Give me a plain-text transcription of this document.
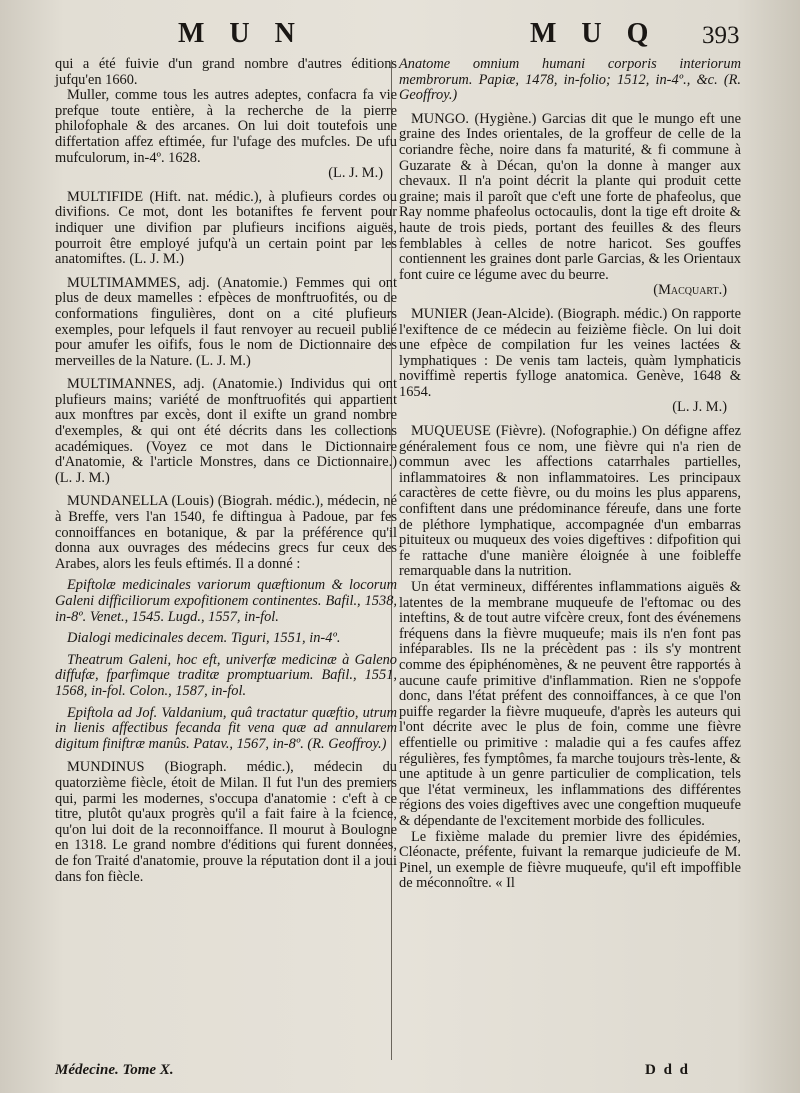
M U N	M U Q 393

qui a été fuivie d'un grand nombre d'autres éditions jufqu'en 1660.

Muller, comme tous les autres adeptes, confacra fa vie prefque toute entière, à la recherche de la pierre philofophale & des arcanes. On lui doit toutefois une differtation affez eftimée, fur l'ufage des mufcles. De ufu mufculorum, in-4º. 1628.

(L. J. M.)

MULTIFIDE (Hift. nat. médic.), à plufieurs cordes ou divifions. Ce mot, dont les botaniftes fe fervent pour indiquer une divifion par plufieurs incifions aiguës, pourroit être employé jufqu'à un certain point par les anatomiftes. (L. J. M.)

MULTIMAMMES, adj. (Anatomie.) Femmes qui ont plus de deux mamelles : efpèces de monftruofités, ou de conformations fingulières, dont on a cité plufieurs exemples, pour lefquels il faut renvoyer au recueil publié pour amufer les oififs, fous le nom de Dictionnaire des merveilles de la Nature. (L. J. M.)

MULTIMANNES, adj. (Anatomie.) Individus qui ont plufieurs mains; variété de monftruofités qui appartient aux monftres par excès, dont il exifte un grand nombre d'exemples, & qui ont été décrits dans les collections académiques. (Voyez ce mot dans le Dictionnaire d'Anatomie, & l'article Monstres, dans ce Dictionnaire.) (L. J. M.)

MUNDANELLA (Louis) (Biograh. médic.), médecin, né à Breffe, vers l'an 1540, fe diftingua à Padoue, par fes connoiffances en botanique, & par la préférence qu'il donna aux ouvrages des médecins grecs fur ceux des Arabes, alors les feuls eftimés. Il a donné :

Epiftolæ medicinales variorum quæftionum & locorum Galeni difficiliorum expofitionem continentes. Bafil., 1538, in-8º. Venet., 1545. Lugd., 1557, in-fol.

Dialogi medicinales decem. Tiguri, 1551, in-4º.

Theatrum Galeni, hoc eft, univerfæ medicinæ à Galeno diffufæ, fparfimque traditæ promptuarium. Bafil., 1551, 1568, in-fol. Colon., 1587, in-fol.

Epiftola ad Jof. Valdanium, quâ tractatur quæftio, utrum in lienis affectibus fecanda fit vena quæ ad annularem digitum finiftræ manûs. Patav., 1567, in-8º. (R. Geoffroy.)

MUNDINUS (Biograph. médic.), médecin du quatorzième fiècle, étoit de Milan. Il fut l'un des premiers qui, parmi les modernes, s'occupa d'anatomie : c'eft à ce titre, plutôt qu'aux progrès qu'il a fait faire à la fcience, qu'on lui doit de la reconnoiffance. Il mourut à Boulogne en 1318. Le grand nombre d'éditions qui furent données, de fon Traité d'anatomie, prouve la réputation dont il a joui dans fon fiècle.

Anatome omnium humani corporis interiorum membrorum. Papiæ, 1478, in-folio; 1512, in-4º., &c. (R. Geoffroy.)

MUNGO. (Hygiène.) Garcias dit que le mungo eft une graine des Indes orientales, de la groffeur de celle de la coriandre fèche, noire dans fa maturité, & fi commune à Guzarate & à Décan, qu'on la donne à manger aux chevaux. Il n'a point décrit la plante qui produit cette graine; mais il paroît que c'eft une forte de phafeolus, que Ray nomme phafeolus octocaulis, dont la tige eft droite & haute de trois pieds, portant des feuilles & des fleurs femblables à celles de notre haricot. Ses gouffes contiennent les graines dont parle Garcias, & les Orientaux font cuire ce légume avec du beurre.

(Macquart.)

MUNIER (Jean-Alcide). (Biograph. médic.) On rapporte l'exiftence de ce médecin au feizième fiècle. On lui doit une efpèce de compilation fur les veines lactées & lymphatiques : De venis tam lacteis, quàm lymphaticis noviffimè repertis fylloge anatomica. Genève, 1648 & 1654.

(L. J. M.)

MUQUEUSE (Fièvre). (Nofographie.) On défigne affez généralement fous ce nom, une fièvre qui n'a rien de commun avec les affections catarrhales partielles, inflammatoires & non inflammatoires. Les principaux caractères de cette fièvre, ou du moins les plus apparens, confiftent dans une prédominance féreufe, dans une forte de pléthore lymphatique, accompagnée d'un embarras pituiteux ou muqueux des voies digeftives : difpofition qui fe rattache d'une manière éloignée à une foibleffe remarquable dans la nutrition.

Un état vermineux, différentes inflammations aiguës & latentes de la membrane muqueufe de l'eftomac ou des inteftins, & de tout autre vifcère creux, font des événemens fréquens dans la fièvre muqueufe; mais ils n'en font pas inféparables. Ils ne la précèdent pas : ils s'y montrent comme des épiphénomènes, & ne peuvent être rapportés à aucune caufe primitive d'inflammation. Rien ne s'oppofe donc, dans l'état préfent des connoiffances, à ce que l'on puiffe regarder la fièvre muqueufe, d'après les auteurs qui l'ont décrite avec le plus de foin, comme une fièvre effentielle ou primitive : maladie qui a fes caufes affez régulières, fes fymptômes, fa marche toujours très-lente, & une aptitude à un genre particulier de complication, tels que l'état vermineux, les inflammations des différentes régions des voies digeftives avec une congeftion muqueufe & dépendante de l'excitement morbide des follicules.

Le fixième malade du premier livre des épidémies, Cléonacte, préfente, fuivant la remarque judicieufe de M. Pinel, un exemple de fièvre muqueufe, qu'il eft impoffible de méconnoître. « Il

Médecine. Tome X.	D d d
